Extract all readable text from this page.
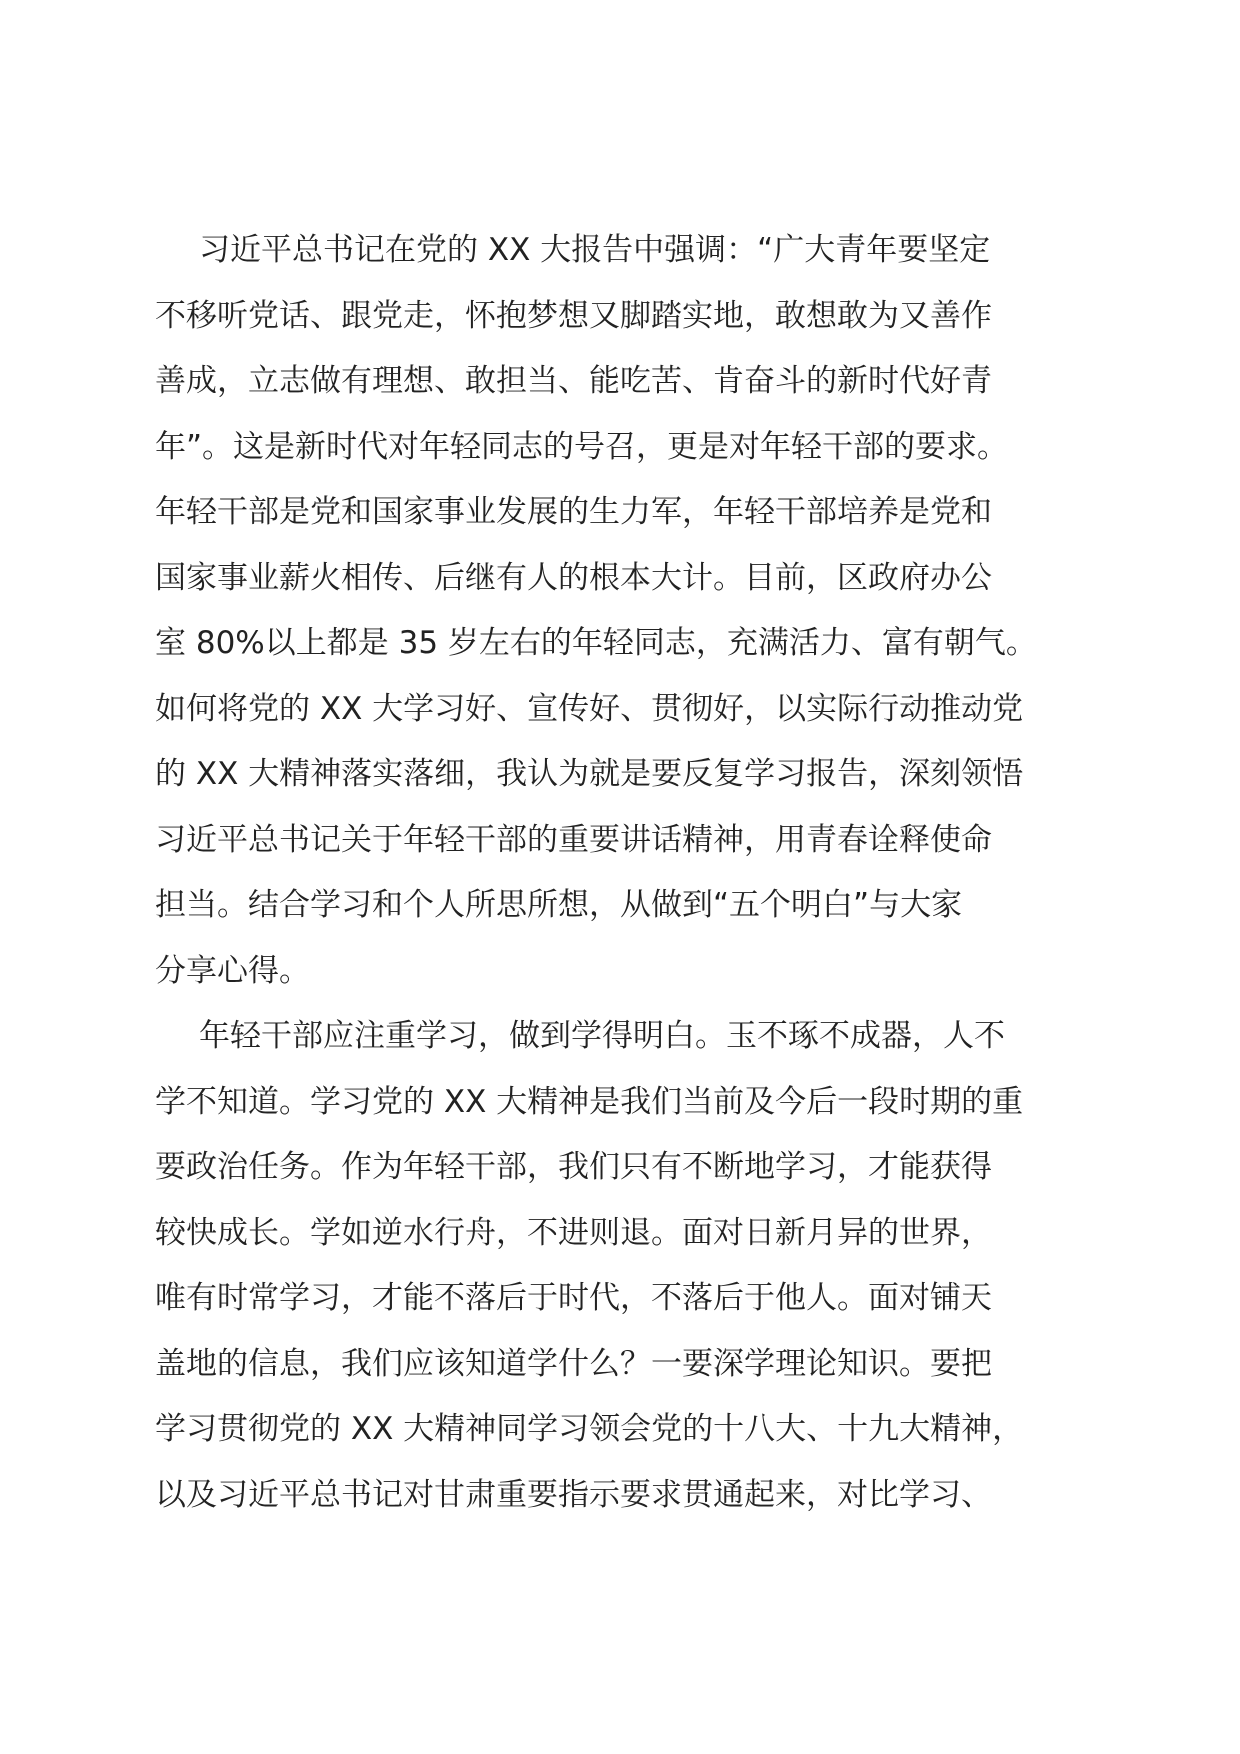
习近平总书记在党的 XX 大报告中强调：“广大青年要坚定
不移听党话、跟党走，怀抱梦想又脚踏实地，敢想敢为又善作
善成，立志做有理想、敢担当、能吃苦、肯奋斗的新时代好青
年”。这是新时代对年轻同志的号召，更是对年轻干部的要求。
年轻干部是党和国家事业发展的生力军，年轻干部培养是党和
国家事业薪火相传、后继有人的根本大计。目前，区政府办公
室 80%以上都是 35 岁左右的年轻同志，充满活力、富有朝气。
如何将党的 XX 大学习好、宣传好、贯彻好，以实际行动推动党
的 XX 大精神落实落细，我认为就是要反复学习报告，深刻领悟
习近平总书记关于年轻干部的重要讲话精神，用青春诠释使命
担当。结合学习和个人所思所想，从做到“五个明白”与大家
分享心得。
年轻干部应注重学习，做到学得明白。玉不琢不成器，人不
学不知道。学习党的 XX 大精神是我们当前及今后一段时期的重
要政治任务。作为年轻干部，我们只有不断地学习，才能获得
较快成长。学如逆水行舟，不进则退。面对日新月异的世界，
唯有时常学习，才能不落后于时代，不落后于他人。面对铺天
盖地的信息，我们应该知道学什么？一要深学理论知识。要把
学习贯彻党的 XX 大精神同学习领会党的十八大、十九大精神，
以及习近平总书记对甘肃重要指示要求贯通起来，对比学习、
